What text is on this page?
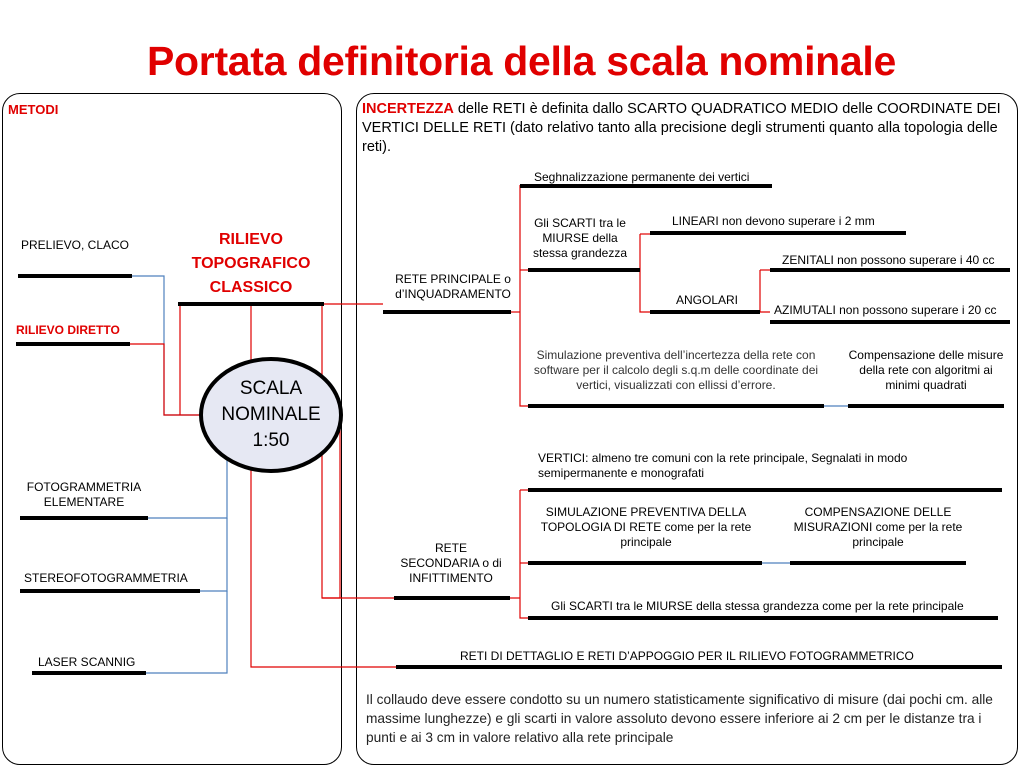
Portata definitoria della scala nominale
METODI
PRELIEVO, CLACO
RILIEVO DIRETTO
RILIEVO TOPOGRAFICO CLASSICO
SCALA NOMINALE 1:50
FOTOGRAMMETRIA ELEMENTARE
STEREOFOTOGRAMMETRIA
LASER SCANNIG
INCERTEZZA delle RETI è definita dallo SCARTO QUADRATICO MEDIO delle COORDINATE DEI VERTICI DELLE RETI (dato relativo tanto alla precisione degli strumenti quanto alla topologia delle reti).
Seghnalizzazione permanente dei vertici
Gli SCARTI tra le MIURSE della stessa grandezza
LINEARI non devono superare i 2 mm
ANGOLARI
ZENITALI non possono superare i 40 cc
AZIMUTALI non possono superare i 20 cc
RETE PRINCIPALE o d’INQUADRAMENTO
Simulazione preventiva dell’incertezza della rete con software per il calcolo degli s.q.m delle coordinate dei vertici, visualizzati con ellissi d’errore.
Compensazione delle misure della rete con algoritmi ai minimi quadrati
VERTICI: almeno tre comuni con la rete principale, Segnalati in modo semipermanente e monografati
SIMULAZIONE PREVENTIVA DELLA TOPOLOGIA DI RETE come per la rete principale
COMPENSAZIONE DELLE MISURAZIONI come per la rete principale
RETE SECONDARIA o di INFITTIMENTO
Gli SCARTI tra le MIURSE della stessa grandezza come per la rete principale
RETI DI DETTAGLIO E RETI D’APPOGGIO PER IL RILIEVO FOTOGRAMMETRICO
Il collaudo deve essere condotto su un numero statisticamente significativo di misure (dai pochi cm. alle massime lunghezze) e gli scarti in valore assoluto devono essere inferiore ai 2 cm per le distanze tra i punti e ai 3 cm in valore relativo alla rete principale
